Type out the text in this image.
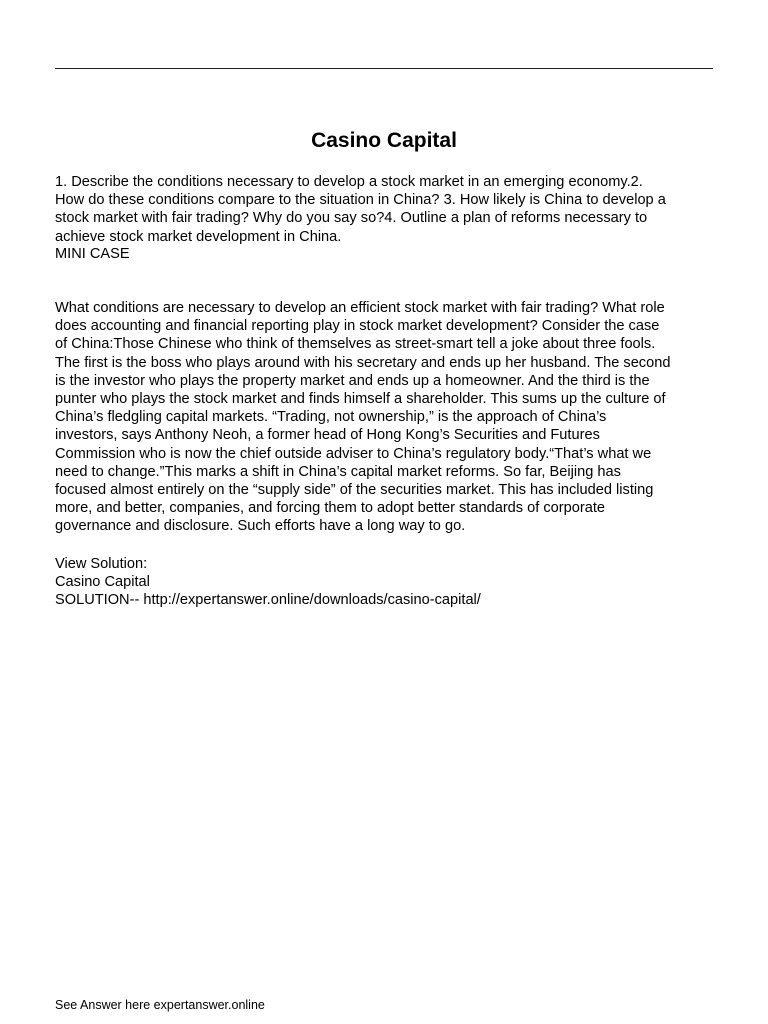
Casino Capital

1. Describe the conditions necessary to develop a stock market in an emerging economy.2.
How do these conditions compare to the situation in China? 3. How likely is China to develop a
stock market with fair trading? Why do you say so?4. Outline a plan of reforms necessary to
achieve stock market development in China.

MINI CASE

What conditions are necessary to develop an efficient stock market with fair trading? What role
does accounting and financial reporting play in stock market development? Consider the case
of China:Those Chinese who think of themselves as street-smart tell a joke about three fools.
The first is the boss who plays around with his secretary and ends up her husband. The second
is the investor who plays the property market and ends up a homeowner. And the third is the
punter who plays the stock market and finds himself a shareholder. This sums up the culture of
China’s fledgling capital markets. “Trading, not ownership,” is the approach of China’s
investors, says Anthony Neoh, a former head of Hong Kong’s Securities and Futures
Commission who is now the chief outside adviser to China’s regulatory body.“That’s what we
need to change.”This marks a shift in China’s capital market reforms. So far, Beijing has
focused almost entirely on the “supply side” of the securities market. This has included listing
more, and better, companies, and forcing them to adopt better standards of corporate
governance and disclosure. Such efforts have a long way to go.

View Solution:

Casino Capital

SOLUTION-- http://expertanswer.online/downloads/casino-capital/

See Answer here expertanswer.online
